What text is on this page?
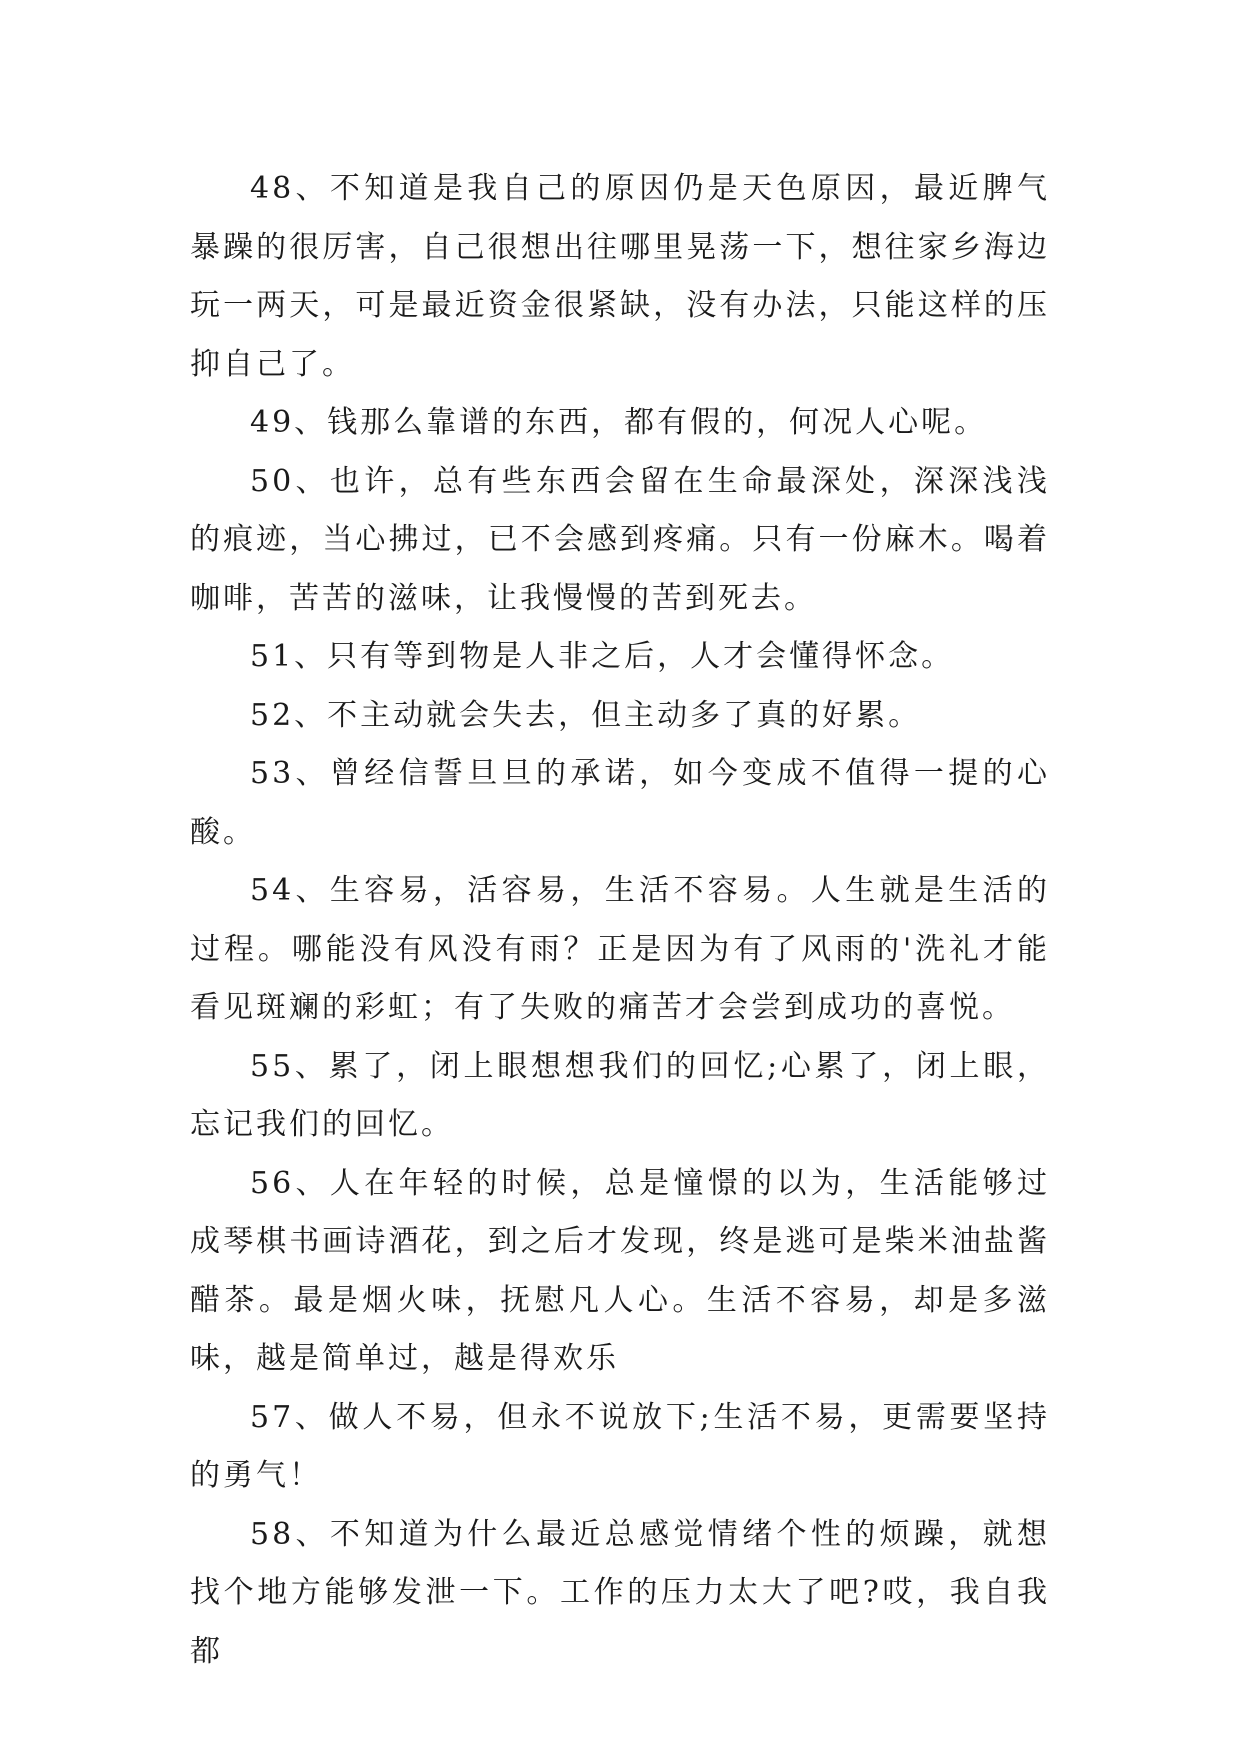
48、不知道是我自己的原因仍是天色原因，最近脾气暴躁的很厉害，自己很想出往哪里晃荡一下，想往家乡海边玩一两天，可是最近资金很紧缺，没有办法，只能这样的压抑自己了。

49、钱那么靠谱的东西，都有假的，何况人心呢。

50、也许，总有些东西会留在生命最深处，深深浅浅的痕迹，当心拂过，已不会感到疼痛。只有一份麻木。喝着咖啡，苦苦的滋味，让我慢慢的苦到死去。

51、只有等到物是人非之后，人才会懂得怀念。

52、不主动就会失去，但主动多了真的好累。

53、曾经信誓旦旦的承诺，如今变成不值得一提的心酸。

54、生容易，活容易，生活不容易。人生就是生活的过程。哪能没有风没有雨？正是因为有了风雨的'洗礼才能看见斑斓的彩虹；有了失败的痛苦才会尝到成功的喜悦。

55、累了，闭上眼想想我们的回忆;心累了，闭上眼，忘记我们的回忆。

56、人在年轻的时候，总是憧憬的以为，生活能够过成琴棋书画诗酒花，到之后才发现，终是逃可是柴米油盐酱醋茶。最是烟火味，抚慰凡人心。生活不容易，却是多滋味，越是简单过，越是得欢乐

57、做人不易，但永不说放下;生活不易，更需要坚持的勇气！

58、不知道为什么最近总感觉情绪个性的烦躁，就想找个地方能够发泄一下。工作的压力太大了吧?哎，我自我都
